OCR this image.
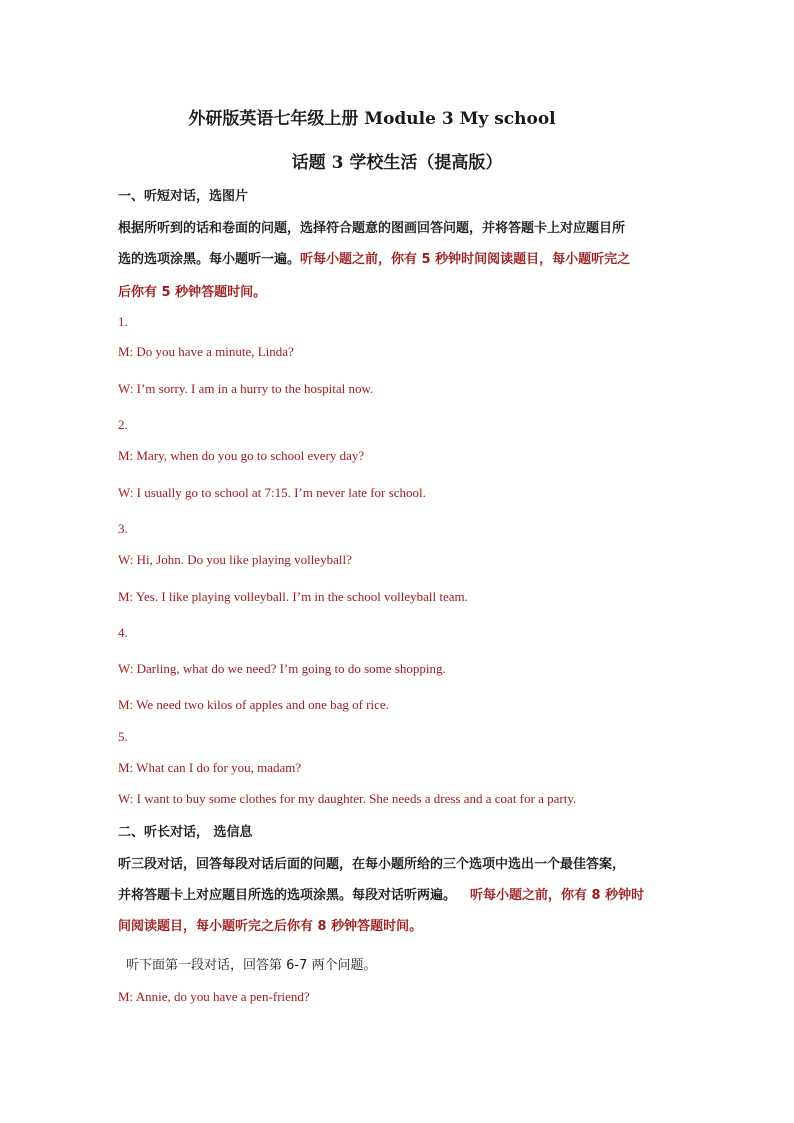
外研版英语七年级上册 Module 3 My school
话题 3 学校生活（提高版）
一、听短对话，选图片
根据所听到的话和卷面的问题，选择符合题意的图画回答问题，并将答题卡上对应题目所
选的选项涂黑。每小题听一遍。听每小题之前，你有 5 秒钟时间阅读题目，每小题听完之
后你有 5 秒钟答题时间。
1.
M: Do you have a minute, Linda?
W: I’m sorry. I am in a hurry to the hospital now.
2.
M: Mary, when do you go to school every day?
W: I usually go to school at 7:15. I’m never late for school.
3.
W: Hi, John. Do you like playing volleyball?
M: Yes. I like playing volleyball. I’m in the school volleyball team.
4.
W: Darling, what do we need? I’m going to do some shopping.
M: We need two kilos of apples and one bag of rice.
5.
M: What can I do for you, madam?
W: I want to buy some clothes for my daughter. She needs a dress and a coat for a party.
二、听长对话， 选信息
听三段对话，回答每段对话后面的问题，在每小题所给的三个选项中选出一个最佳答案，
并将答题卡上对应题目所选的选项涂黑。每段对话听两遍。 听每小题之前，你有 8 秒钟时
间阅读题目，每小题听完之后你有 8 秒钟答题时间。
听下面第一段对话，回答第 6-7 两个问题。
M: Annie, do you have a pen-friend?
